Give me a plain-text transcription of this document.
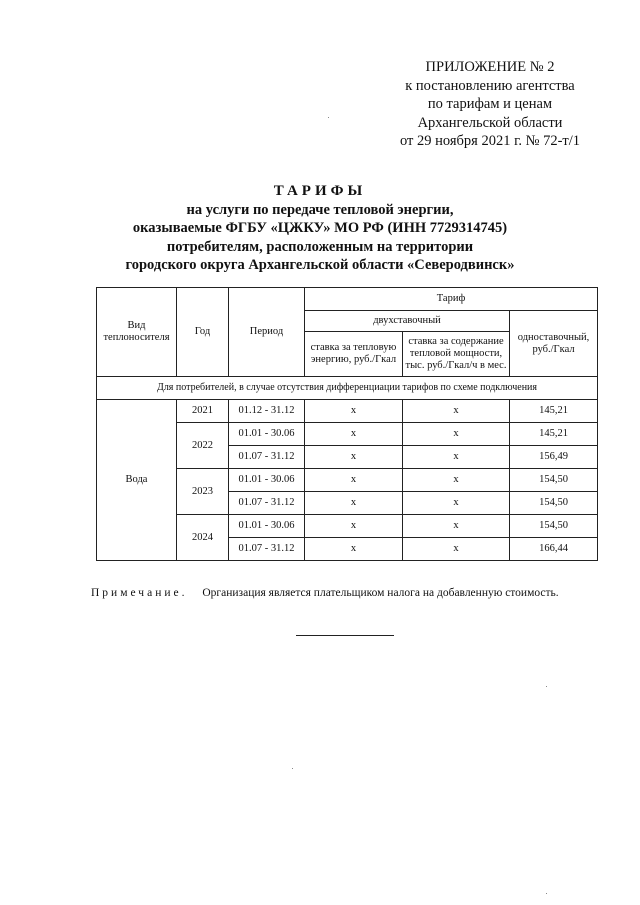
ПРИЛОЖЕНИЕ № 2
к постановлению агентства
по тарифам и ценам
Архангельской области
от 29 ноября 2021 г. № 72-т/1
ТАРИФЫ
на услуги по передаче тепловой энергии,
оказываемые ФГБУ «ЦЖКУ» МО РФ (ИНН 7729314745)
потребителям, расположенным на территории
городского округа Архангельской области «Северодвинск»
Вид теплоносителя	Год	Период	Тариф		
			двухставочный		одноставочный, руб./Гкал
			ставка за тепловую энергию, руб./Гкал	ставка за содержание тепловой мощности, тыс. руб./Гкал/ч в мес.	
Для потребителей, в случае отсутствия дифференциации тарифов по схеме подключения					
Вода	2021	01.12 - 31.12	x	x	145,21
	2022	01.01 - 30.06	x	x	145,21
		01.07 - 31.12	x	x	156,49
	2023	01.01 - 30.06	x	x	154,50
		01.07 - 31.12	x	x	154,50
	2024	01.01 - 30.06	x	x	154,50
		01.07 - 31.12	x	x	166,44
Примечание. Организация является плательщиком налога на добавленную стоимость.
